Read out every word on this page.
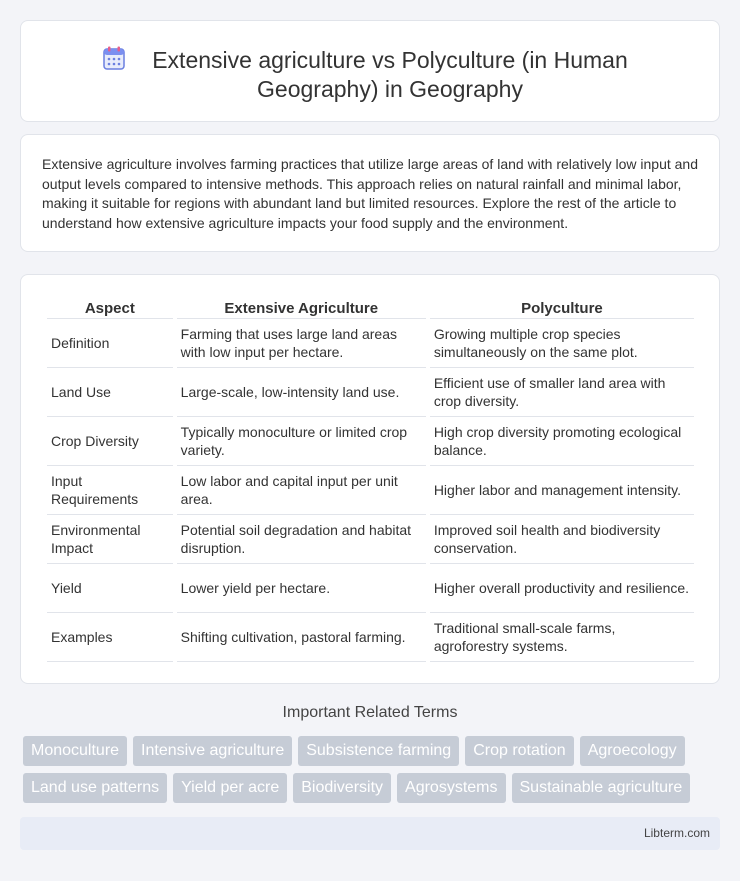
Extensive agriculture vs Polyculture (in Human Geography) in Geography

Extensive agriculture involves farming practices that utilize large areas of land with relatively low input and output levels compared to intensive methods. This approach relies on natural rainfall and minimal labor, making it suitable for regions with abundant land but limited resources. Explore the rest of the article to understand how extensive agriculture impacts your food supply and the environment.

Aspect	Extensive Agriculture	Polyculture
Definition	Farming that uses large land areas with low input per hectare.	Growing multiple crop species simultaneously on the same plot.
Land Use	Large-scale, low-intensity land use.	Efficient use of smaller land area with crop diversity.
Crop Diversity	Typically monoculture or limited crop variety.	High crop diversity promoting ecological balance.
Input Requirements	Low labor and capital input per unit area.	Higher labor and management intensity.
Environmental Impact	Potential soil degradation and habitat disruption.	Improved soil health and biodiversity conservation.
Yield	Lower yield per hectare.	Higher overall productivity and resilience.
Examples	Shifting cultivation, pastoral farming.	Traditional small-scale farms, agroforestry systems.
Important Related Terms
Monoculture Intensive agriculture Subsistence farming Crop rotation Agroecology
Land use patterns Yield per acre Biodiversity Agrosystems Sustainable agriculture
Libterm.com
